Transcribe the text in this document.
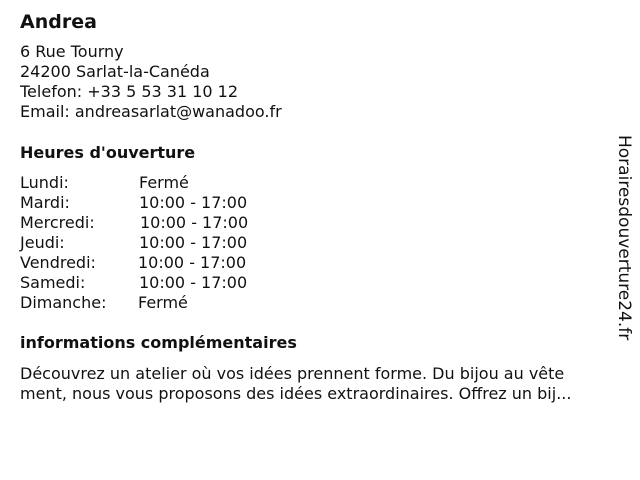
Andrea
6 Rue Tourny
24200 Sarlat-la-Canéda
Telefon: +33 5 53 31 10 12
Email: andreasarlat@wanadoo.fr
Heures d'ouverture
Lundi:	Fermé
Mardi:	10:00 - 17:00
Mercredi:	10:00 - 17:00
Jeudi:	10:00 - 17:00
Vendredi:	10:00 - 17:00
Samedi:	10:00 - 17:00
Dimanche: Fermé
informations complémentaires
Découvrez un atelier où vos idées prennent forme. Du bijou au vête
ment, nous vous proposons des idées extraordinaires. Offrez un bij...
Horairesdouverture24.fr
